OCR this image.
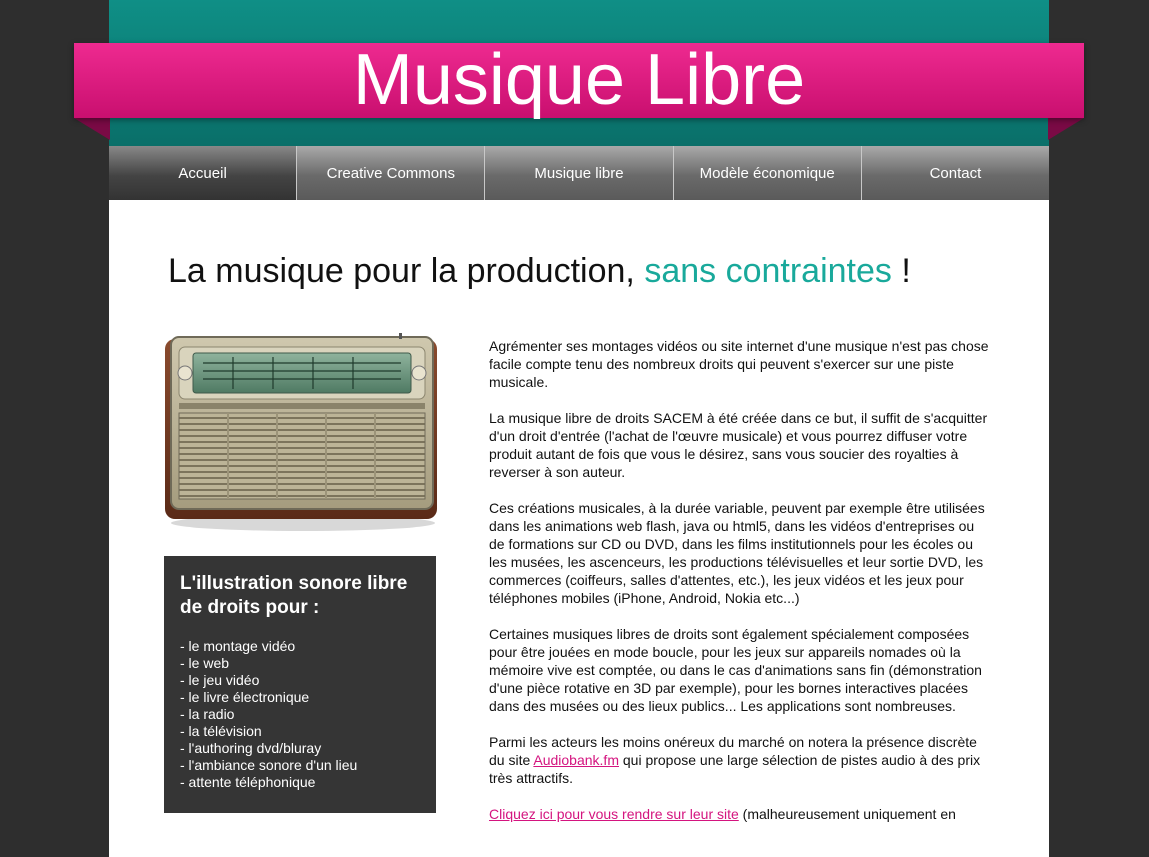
Musique Libre
Accueil	Creative Commons	Musique libre	Modèle économique	Contact
La musique pour la production, sans contraintes !
L'illustration sonore libre de droits pour :
- le montage vidéo
- le web
- le jeu vidéo
- le livre électronique
- la radio
- la télévision
- l'authoring dvd/bluray
- l'ambiance sonore d'un lieu
- attente téléphonique

Agrémenter ses montages vidéos ou site internet d'une musique n'est pas chose facile compte tenu des nombreux droits qui peuvent s'exercer sur une piste musicale.

La musique libre de droits SACEM à été créée dans ce but, il suffit de s'acquitter d'un droit d'entrée (l'achat de l'œuvre musicale) et vous pourrez diffuser votre produit autant de fois que vous le désirez, sans vous soucier des royalties à reverser à son auteur.

Ces créations musicales, à la durée variable, peuvent par exemple être utilisées dans les animations web flash, java ou html5, dans les vidéos d'entreprises ou de formations sur CD ou DVD, dans les films institutionnels pour les écoles ou les musées, les ascenceurs, les productions télévisuelles et leur sortie DVD, les commerces (coiffeurs, salles d'attentes, etc.), les jeux vidéos et les jeux pour téléphones mobiles (iPhone, Android, Nokia etc...)

Certaines musiques libres de droits sont également spécialement composées pour être jouées en mode boucle, pour les jeux sur appareils nomades où la mémoire vive est comptée, ou dans le cas d'animations sans fin (démonstration d'une pièce rotative en 3D par exemple), pour les bornes interactives placées dans des musées ou des lieux publics... Les applications sont nombreuses.

Parmi les acteurs les moins onéreux du marché on notera la présence discrète du site Audiobank.fm qui propose une large sélection de pistes audio à des prix très attractifs.

Cliquez ici pour vous rendre sur leur site (malheureusement uniquement en
